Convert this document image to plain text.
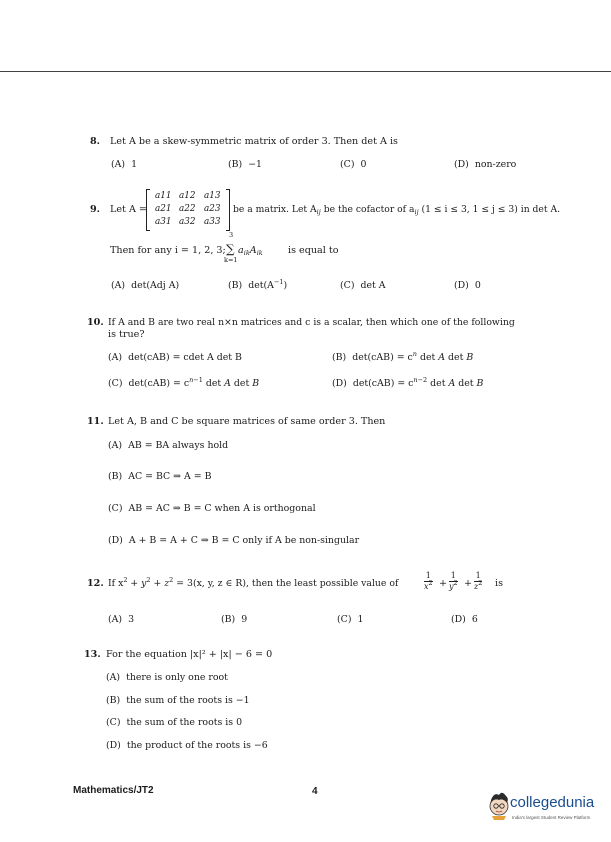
8. Let A be a skew-symmetric matrix of order 3. Then det A is
(A) 1	(B) −1	(C) 0	(D) non-zero
9. Let A =
a11 a12 a13
a21 a22 a23
a31 a32 a33
be a matrix. Let $A_{ij}$ be the cofactor of $a_{ij}$ (1 ≤ i ≤ 3, 1 ≤ j ≤ 3) in det A.
Then for any i = 1, 2, 3;
3
∑ $a_{ik}A_{ik}$
k=1
is equal to
(A) det(Adj A)	(B) $\det(A^{-1})$	(C) det A	(D) 0
10. If A and B are two real n×n matrices and c is a scalar, then which one of the following
is true?
(A) det(cAB) = cdet A det B	(B) $\det(cAB) = c^n$ det A det B
(C) $\det(cAB) = c^{n-1}$ det A det B	(D) $\det(cAB) = c^{n-2}$ det A det B
11. Let A, B and C be square matrices of same order 3. Then
(A) AB = BA always hold
(B) AC = BC ⇒ A = B
(C) AB = AC ⇒ B = C when A is orthogonal
(D) A + B = A + C ⇒ B = C only if A be non-singular
12. If $x^2 + y^2 + z^2 = 3(x$, y, z ∈ R), then the least possible value of	$\frac{1}{x^2} + \frac{1}{y^2} + \frac{1}{z^2}$ is
(A) 3	(B) 9	(C) 1	(D) 6
13. For the equation |x|² + |x| − 6 = 0
(A) there is only one root
(B) the sum of the roots is −1
(C) the sum of the roots is 0
(D) the product of the roots is −6
Mathematics/JT2	4
collegedunia
India's largest Student Review Platform
